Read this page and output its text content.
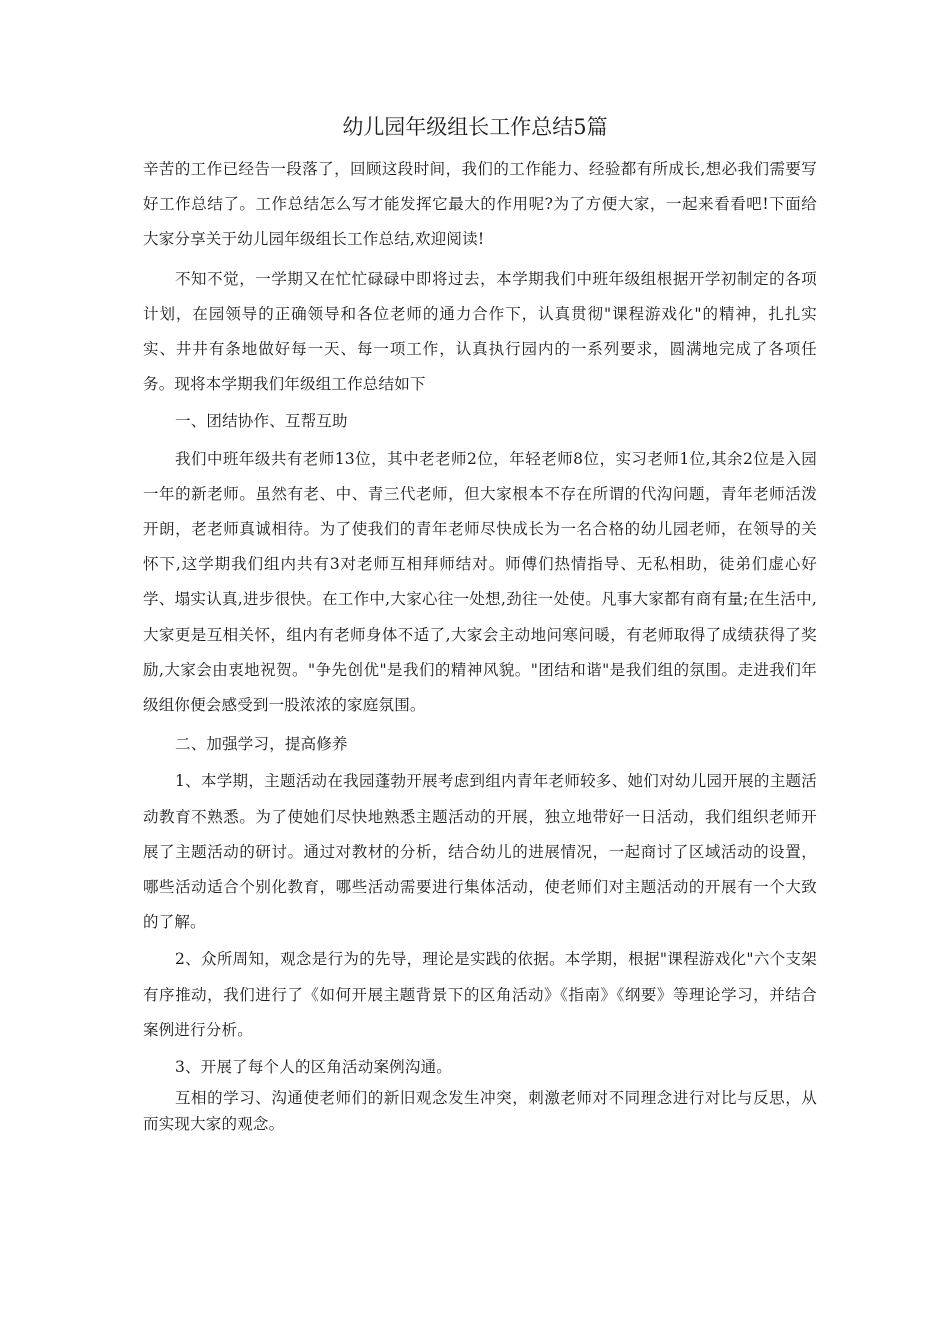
幼儿园年级组长工作总结5篇

辛苦的工作已经告一段落了，回顾这段时间，我们的工作能力、经验都有所成长,想必我们需要写好工作总结了。工作总结怎么写才能发挥它最大的作用呢?为了方便大家，一起来看看吧!下面给大家分享关于幼儿园年级组长工作总结,欢迎阅读!

不知不觉，一学期又在忙忙碌碌中即将过去，本学期我们中班年级组根据开学初制定的各项计划，在园领导的正确领导和各位老师的通力合作下，认真贯彻"课程游戏化"的精神，扎扎实实、井井有条地做好每一天、每一项工作，认真执行园内的一系列要求，圆满地完成了各项任务。现将本学期我们年级组工作总结如下

一、团结协作、互帮互助

我们中班年级共有老师13位，其中老老师2位，年轻老师8位，实习老师1位,其余2位是入园一年的新老师。虽然有老、中、青三代老师，但大家根本不存在所谓的代沟问题，青年老师活泼开朗，老老师真诚相待。为了使我们的青年老师尽快成长为一名合格的幼儿园老师，在领导的关怀下,这学期我们组内共有3对老师互相拜师结对。师傅们热情指导、无私相助，徒弟们虚心好学、塌实认真,进步很快。在工作中,大家心往一处想,劲往一处使。凡事大家都有商有量;在生活中,大家更是互相关怀，组内有老师身体不适了,大家会主动地问寒问暖，有老师取得了成绩获得了奖励,大家会由衷地祝贺。"争先创优"是我们的精神风貌。"团结和谐"是我们组的氛围。走进我们年级组你便会感受到一股浓浓的家庭氛围。

二、加强学习，提高修养

1、本学期，主题活动在我园蓬勃开展考虑到组内青年老师较多、她们对幼儿园开展的主题活动教育不熟悉。为了使她们尽快地熟悉主题活动的开展，独立地带好一日活动，我们组织老师开展了主题活动的研讨。通过对教材的分析，结合幼儿的进展情况，一起商讨了区域活动的设置，哪些活动适合个别化教育，哪些活动需要进行集体活动，使老师们对主题活动的开展有一个大致的了解。

2、众所周知，观念是行为的先导，理论是实践的依据。本学期，根据"课程游戏化"六个支架有序推动，我们进行了《如何开展主题背景下的区角活动》《指南》《纲要》等理论学习，并结合案例进行分析。

3、开展了每个人的区角活动案例沟通。

互相的学习、沟通使老师们的新旧观念发生冲突，刺激老师对不同理念进行对比与反思，从而实现大家的观念。
